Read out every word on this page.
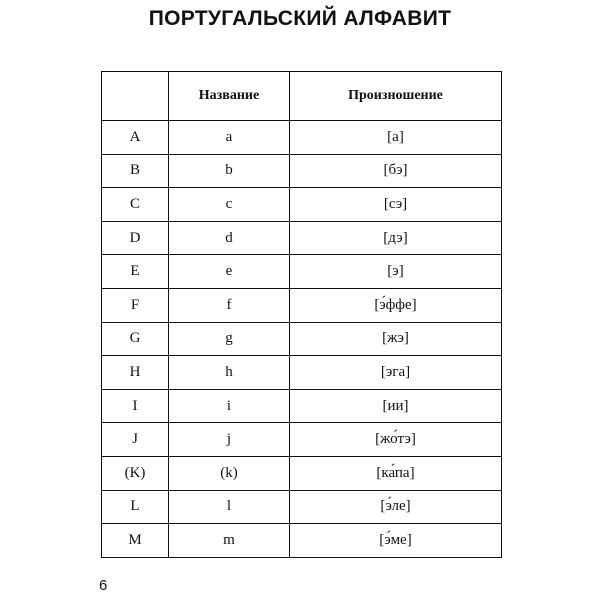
ПОРТУГАЛЬСКИЙ АЛФАВИТ
	Название	Произношение
A	a	[а]
B	b	[бэ]
C	c	[сэ]
D	d	[дэ]
E	e	[э]
F	f	[э́ффе]
G	g	[жэ]
H	h	[эга]
I	i	[ии]
J	j	[жо́тэ]
(K)	(k)	[ка́па]
L	l	[э́ле]
M	m	[э́ме]
6
